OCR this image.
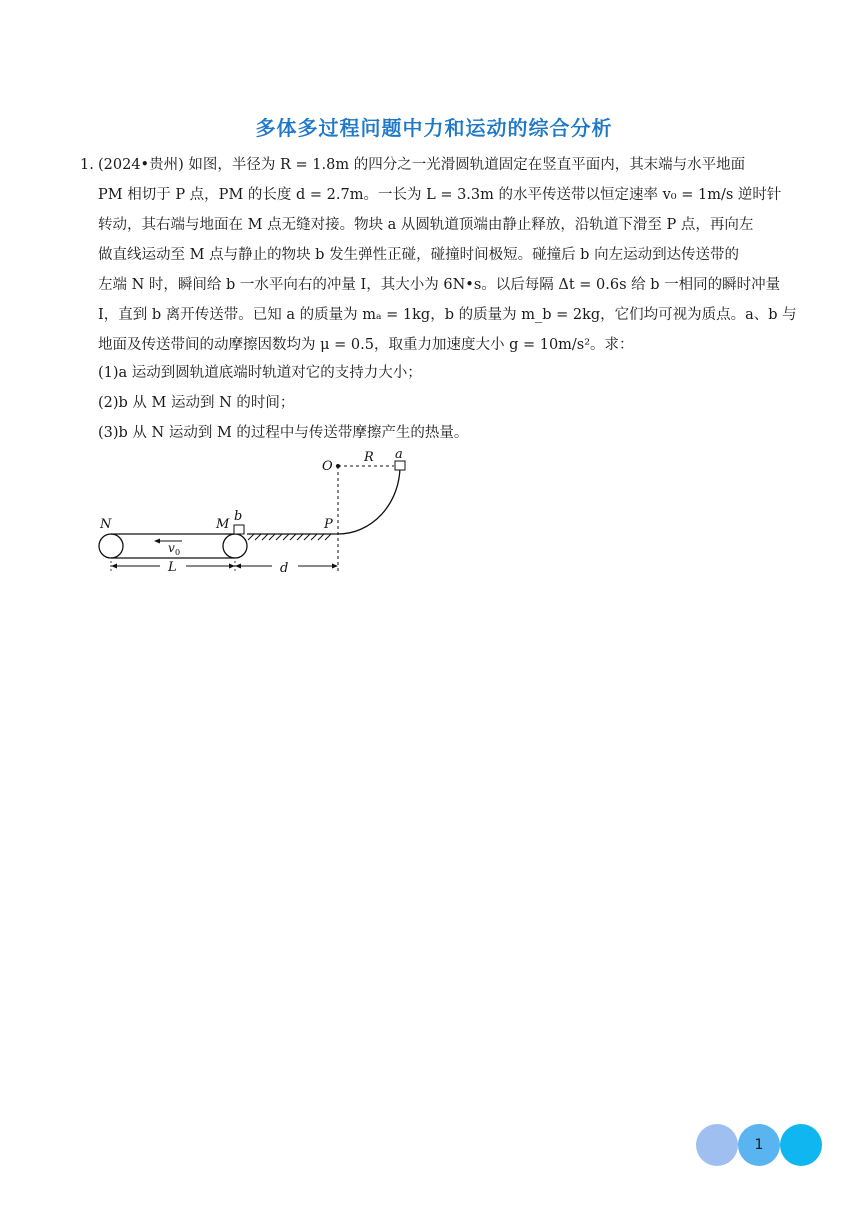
多体多过程问题中力和运动的综合分析
1. (2024•贵州) 如图，半径为 R = 1.8m 的四分之一光滑圆轨道固定在竖直平面内，其末端与水平地面
PM 相切于 P 点，PM 的长度 d = 2.7m。一长为 L = 3.3m 的水平传送带以恒定速率 v₀ = 1m/s 逆时针
转动，其右端与地面在 M 点无缝对接。物块 a 从圆轨道顶端由静止释放，沿轨道下滑至 P 点，再向左
做直线运动至 M 点与静止的物块 b 发生弹性正碰，碰撞时间极短。碰撞后 b 向左运动到达传送带的
左端 N 时，瞬间给 b 一水平向右的冲量 I，其大小为 6N•s。以后每隔 Δt = 0.6s 给 b 一相同的瞬时冲量
I，直到 b 离开传送带。已知 a 的质量为 mₐ = 1kg，b 的质量为 m_b = 2kg，它们均可视为质点。a、b 与
地面及传送带间的动摩擦因数均为 μ = 0.5，取重力加速度大小 g = 10m/s²。求：
(1)a 运动到圆轨道底端时轨道对它的支持力大小；
(2)b 从 M 运动到 N 的时间；
(3)b 从 N 运动到 M 的过程中与传送带摩擦产生的热量。
O
R a
N	M
b
P
v 0
L	d
1
